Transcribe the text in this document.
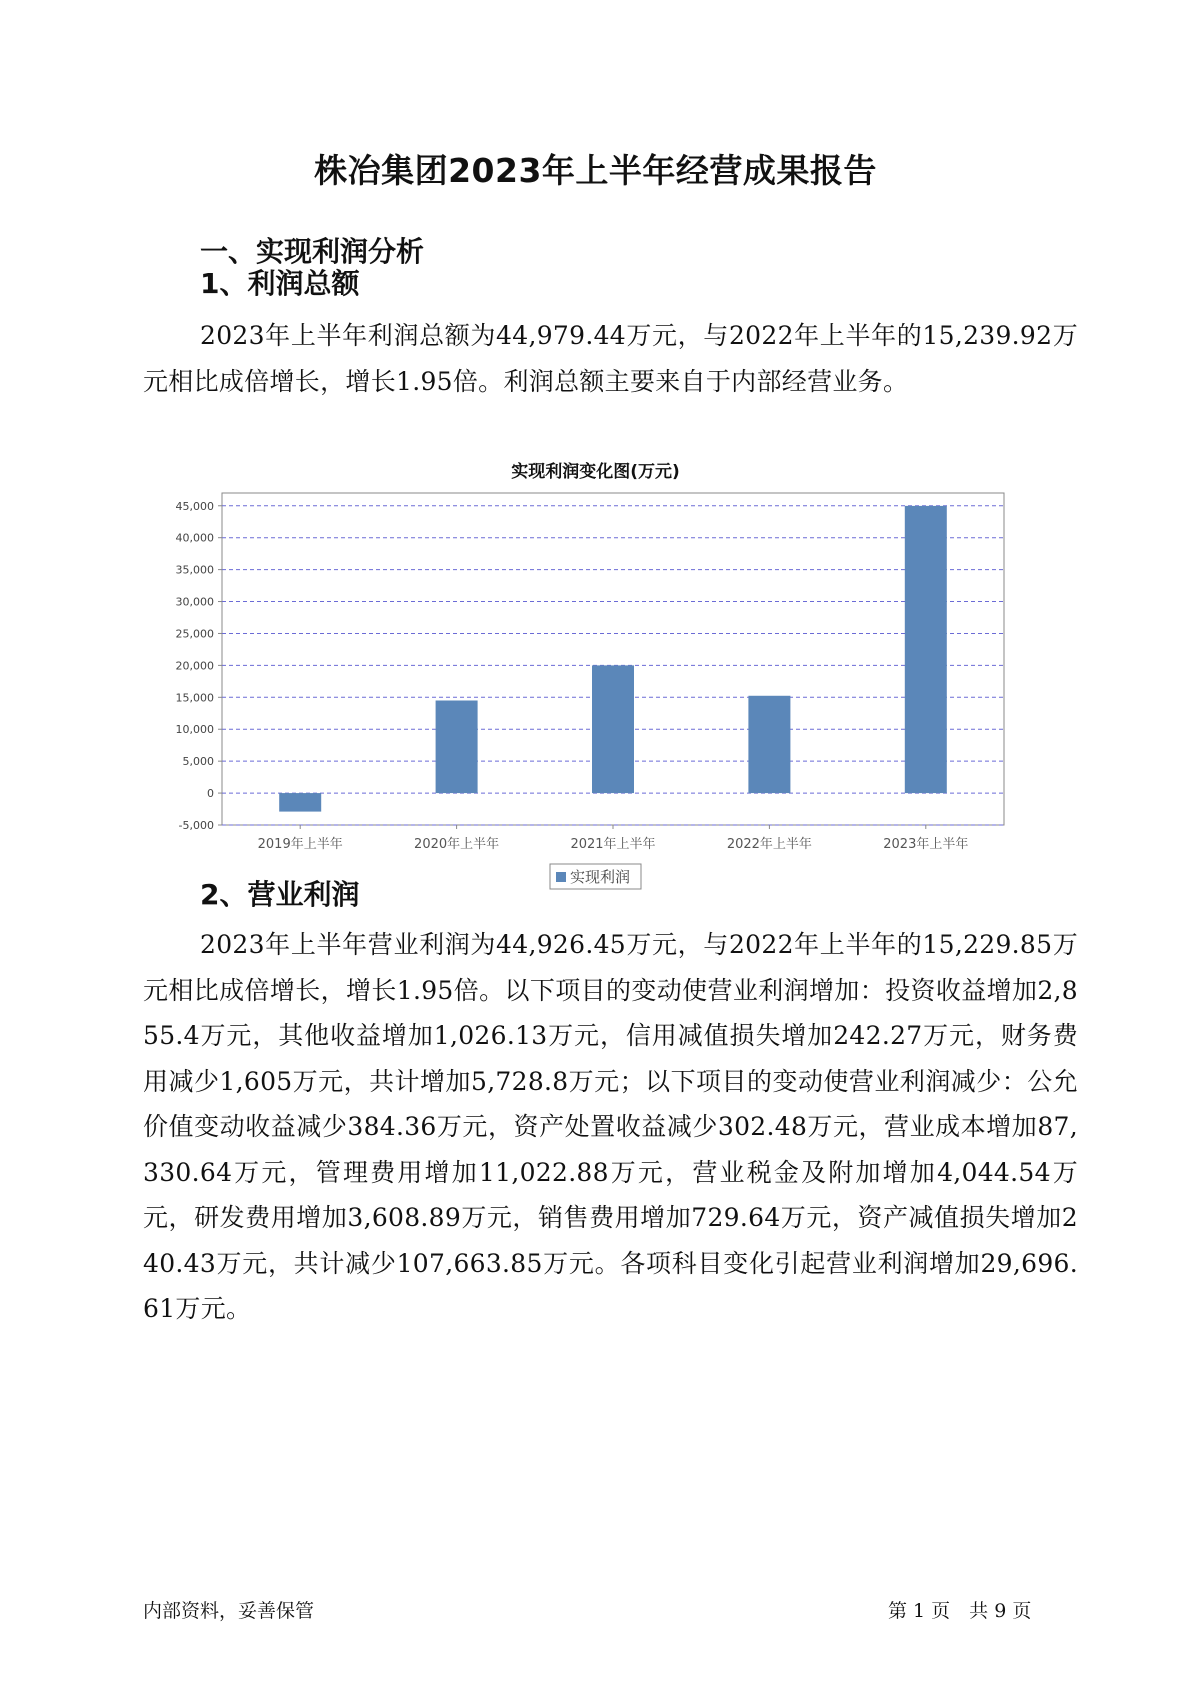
株冶集团2023年上半年经营成果报告
一、实现利润分析
1、利润总额
2023年上半年利润总额为44,979.44万元，与2022年上半年的15,239.92万元相比成倍增长，增长1.95倍。利润总额主要来自于内部经营业务。
实现利润变化图(万元)
-5,000
0
5,000
10,000
15,000
20,000
25,000
30,000
35,000
40,000
45,000
2019年上半年	2020年上半年	2021年上半年	2022年上半年	2023年上半年
实现利润
2、营业利润
2023年上半年营业利润为44,926.45万元，与2022年上半年的15,229.85万元相比成倍增长，增长1.95倍。以下项目的变动使营业利润增加：投资收益增加2,855.4万元，其他收益增加1,026.13万元，信用减值损失增加242.27万元，财务费用减少1,605万元，共计增加5,728.8万元；以下项目的变动使营业利润减少：公允价值变动收益减少384.36万元，资产处置收益减少302.48万元，营业成本增加87,330.64万元，管理费用增加11,022.88万元，营业税金及附加增加4,044.54万元，研发费用增加3,608.89万元，销售费用增加729.64万元，资产减值损失增加240.43万元，共计减少107,663.85万元。各项科目变化引起营业利润增加29,696.61万元。
内部资料，妥善保管	第 1 页　共 9 页
